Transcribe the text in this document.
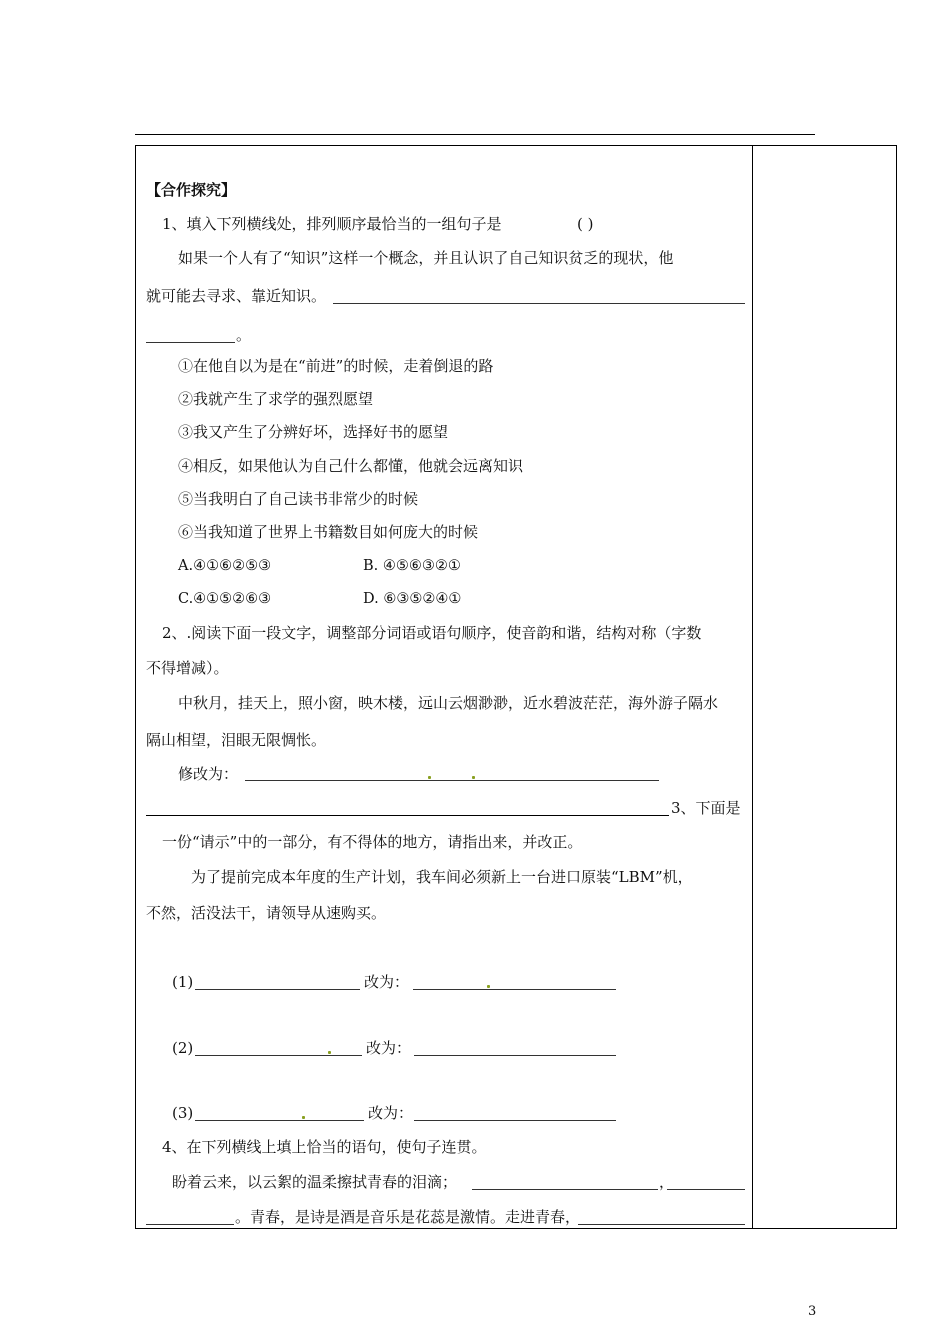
【合作探究】
1、填入下列横线处，排列顺序最恰当的一组句子是	( )
如果一个人有了“知识”这样一个概念，并且认识了自己知识贫乏的现状，他
就可能去寻求、靠近知识。
。
①在他自以为是在“前进”的时候，走着倒退的路
②我就产生了求学的强烈愿望
③我又产生了分辨好坏，选择好书的愿望
④相反，如果他认为自己什么都懂，他就会远离知识
⑤当我明白了自己读书非常少的时候
⑥当我知道了世界上书籍数目如何庞大的时候
A.④①⑥②⑤③	B. ④⑤⑥③②①
C.④①⑤②⑥③	D. ⑥③⑤②④①
2、.阅读下面一段文字，调整部分词语或语句顺序，使音韵和谐，结构对称（字数
不得增减）。
中秋月，挂天上，照小窗，映木楼，远山云烟渺渺，近水碧波茫茫，海外游子隔水
隔山相望，泪眼无限惆怅。
修改为：
3、下面是
一份“请示”中的一部分，有不得体的地方，请指出来，并改正。
为了提前完成本年度的生产计划，我车间必须新上一台进口原装“LBM”机，
不然，活没法干，请领导从速购买。
(1)	改为：
(2)	改为：
(3)	改为：
4、在下列横线上填上恰当的语句，使句子连贯。
盼着云来，以云絮的温柔擦拭青春的泪滴；	，
。青春，是诗是酒是音乐是花蕊是激情。走进青春，
3
